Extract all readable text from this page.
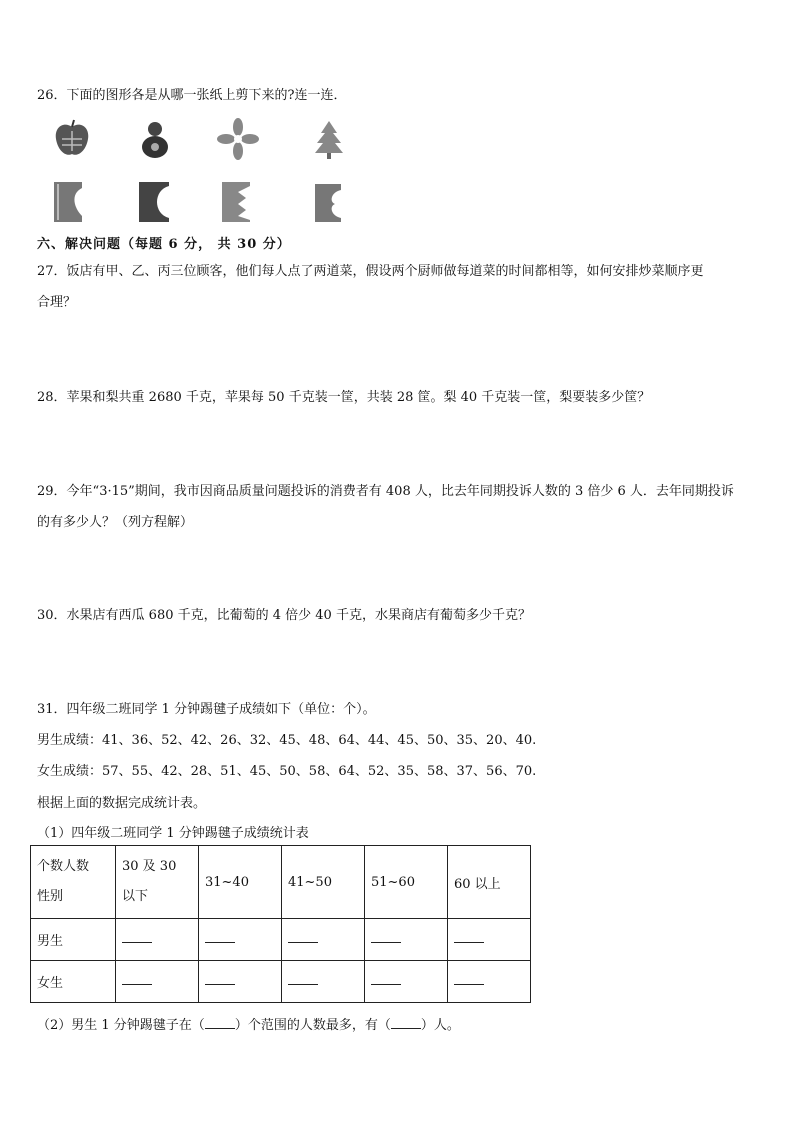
26．下面的图形各是从哪一张纸上剪下来的?连一连．
六、解决问题（每题 6 分， 共 30 分）
27．饭店有甲、乙、丙三位顾客，他们每人点了两道菜，假设两个厨师做每道菜的时间都相等，如何安排炒菜顺序更
合理？
28．苹果和梨共重 2680 千克，苹果每 50 千克装一筐，共装 28 筐。梨 40 千克装一筐，梨要装多少筐？
29．今年“3·15”期间，我市因商品质量问题投诉的消费者有 408 人，比去年同期投诉人数的 3 倍少 6 人．去年同期投诉
的有多少人？（列方程解）
30．水果店有西瓜 680 千克，比葡萄的 4 倍少 40 千克，水果商店有葡萄多少千克？
31．四年级二班同学 1 分钟踢毽子成绩如下（单位：个）。
男生成绩：41、36、52、42、26、32、45、48、64、44、45、50、35、20、40.
女生成绩：57、55、42、28、51、45、50、58、64、52、35、58、37、56、70.
根据上面的数据完成统计表。
（1）四年级二班同学 1 分钟踢毽子成绩统计表
个数人数
性别	30 及 30 以下	31~40	41~50	51~60	60 以上
男生					
女生					
（2）男生 1 分钟踢毽子在（ ）个范围的人数最多，有（ ）人。
